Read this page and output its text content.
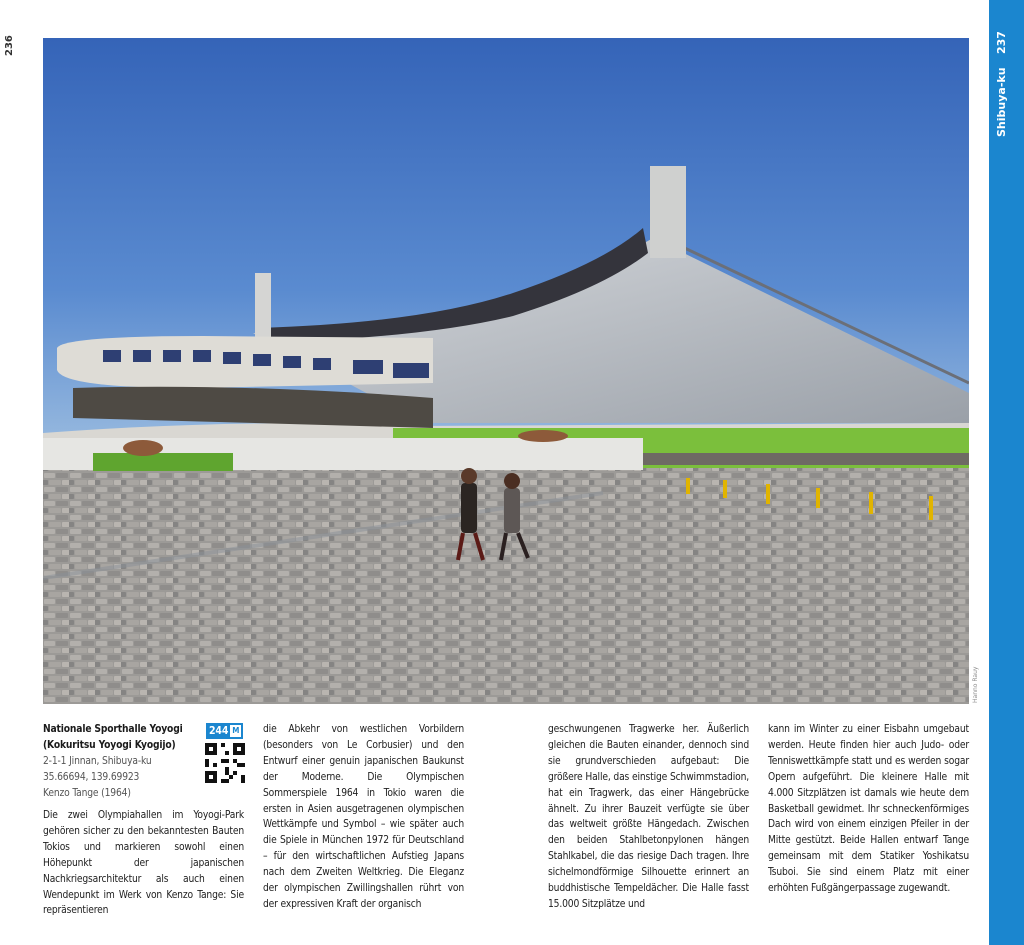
236	237
Shibuya-ku
Hanno Rauy
Nationale Sporthalle Yoyogi
(Kokuritsu Yoyogi Kyogijo)
2-1-1 Jinnan, Shibuya-ku
35.66694, 139.69923
Kenzo Tange (1964)
244 M

Die zwei Olympiahallen im Yoyogi-Park gehören sicher zu den bekanntesten Bauten Tokios und markieren sowohl einen Höhepunkt der japanischen Nachkriegsarchitektur als auch einen Wendepunkt im Werk von Kenzo Tange: Sie repräsentieren

die Abkehr von westlichen Vorbildern (besonders von Le Corbusier) und den Entwurf einer genuin japanischen Baukunst der Moderne. Die Olympischen Sommerspiele 1964 in Tokio waren die ersten in Asien ausgetragenen olympischen Wettkämpfe und Symbol – wie später auch die Spiele in München 1972 für Deutschland – für den wirtschaftlichen Aufstieg Japans nach dem Zweiten Weltkrieg. Die Eleganz der olympischen Zwillingshallen rührt von der expressiven Kraft der organisch

geschwungenen Tragwerke her. Äußerlich gleichen die Bauten einander, dennoch sind sie grundverschieden aufgebaut: Die größere Halle, das einstige Schwimmstadion, hat ein Tragwerk, das einer Hängebrücke ähnelt. Zu ihrer Bauzeit verfügte sie über das weltweit größte Hängedach. Zwischen den beiden Stahlbetonpylonen hängen Stahlkabel, die das riesige Dach tragen. Ihre sichelmondförmige Silhouette erinnert an buddhistische Tempeldächer. Die Halle fasst 15.000 Sitzplätze und

kann im Winter zu einer Eisbahn umgebaut werden. Heute finden hier auch Judo- oder Tenniswettkämpfe statt und es werden sogar Opern aufgeführt. Die kleinere Halle mit 4.000 Sitzplätzen ist damals wie heute dem Basketball gewidmet. Ihr schneckenförmiges Dach wird von einem einzigen Pfeiler in der Mitte gestützt. Beide Hallen entwarf Tange gemeinsam mit dem Statiker Yoshikatsu Tsuboi. Sie sind einem Platz mit einer erhöhten Fußgängerpassage zugewandt.
